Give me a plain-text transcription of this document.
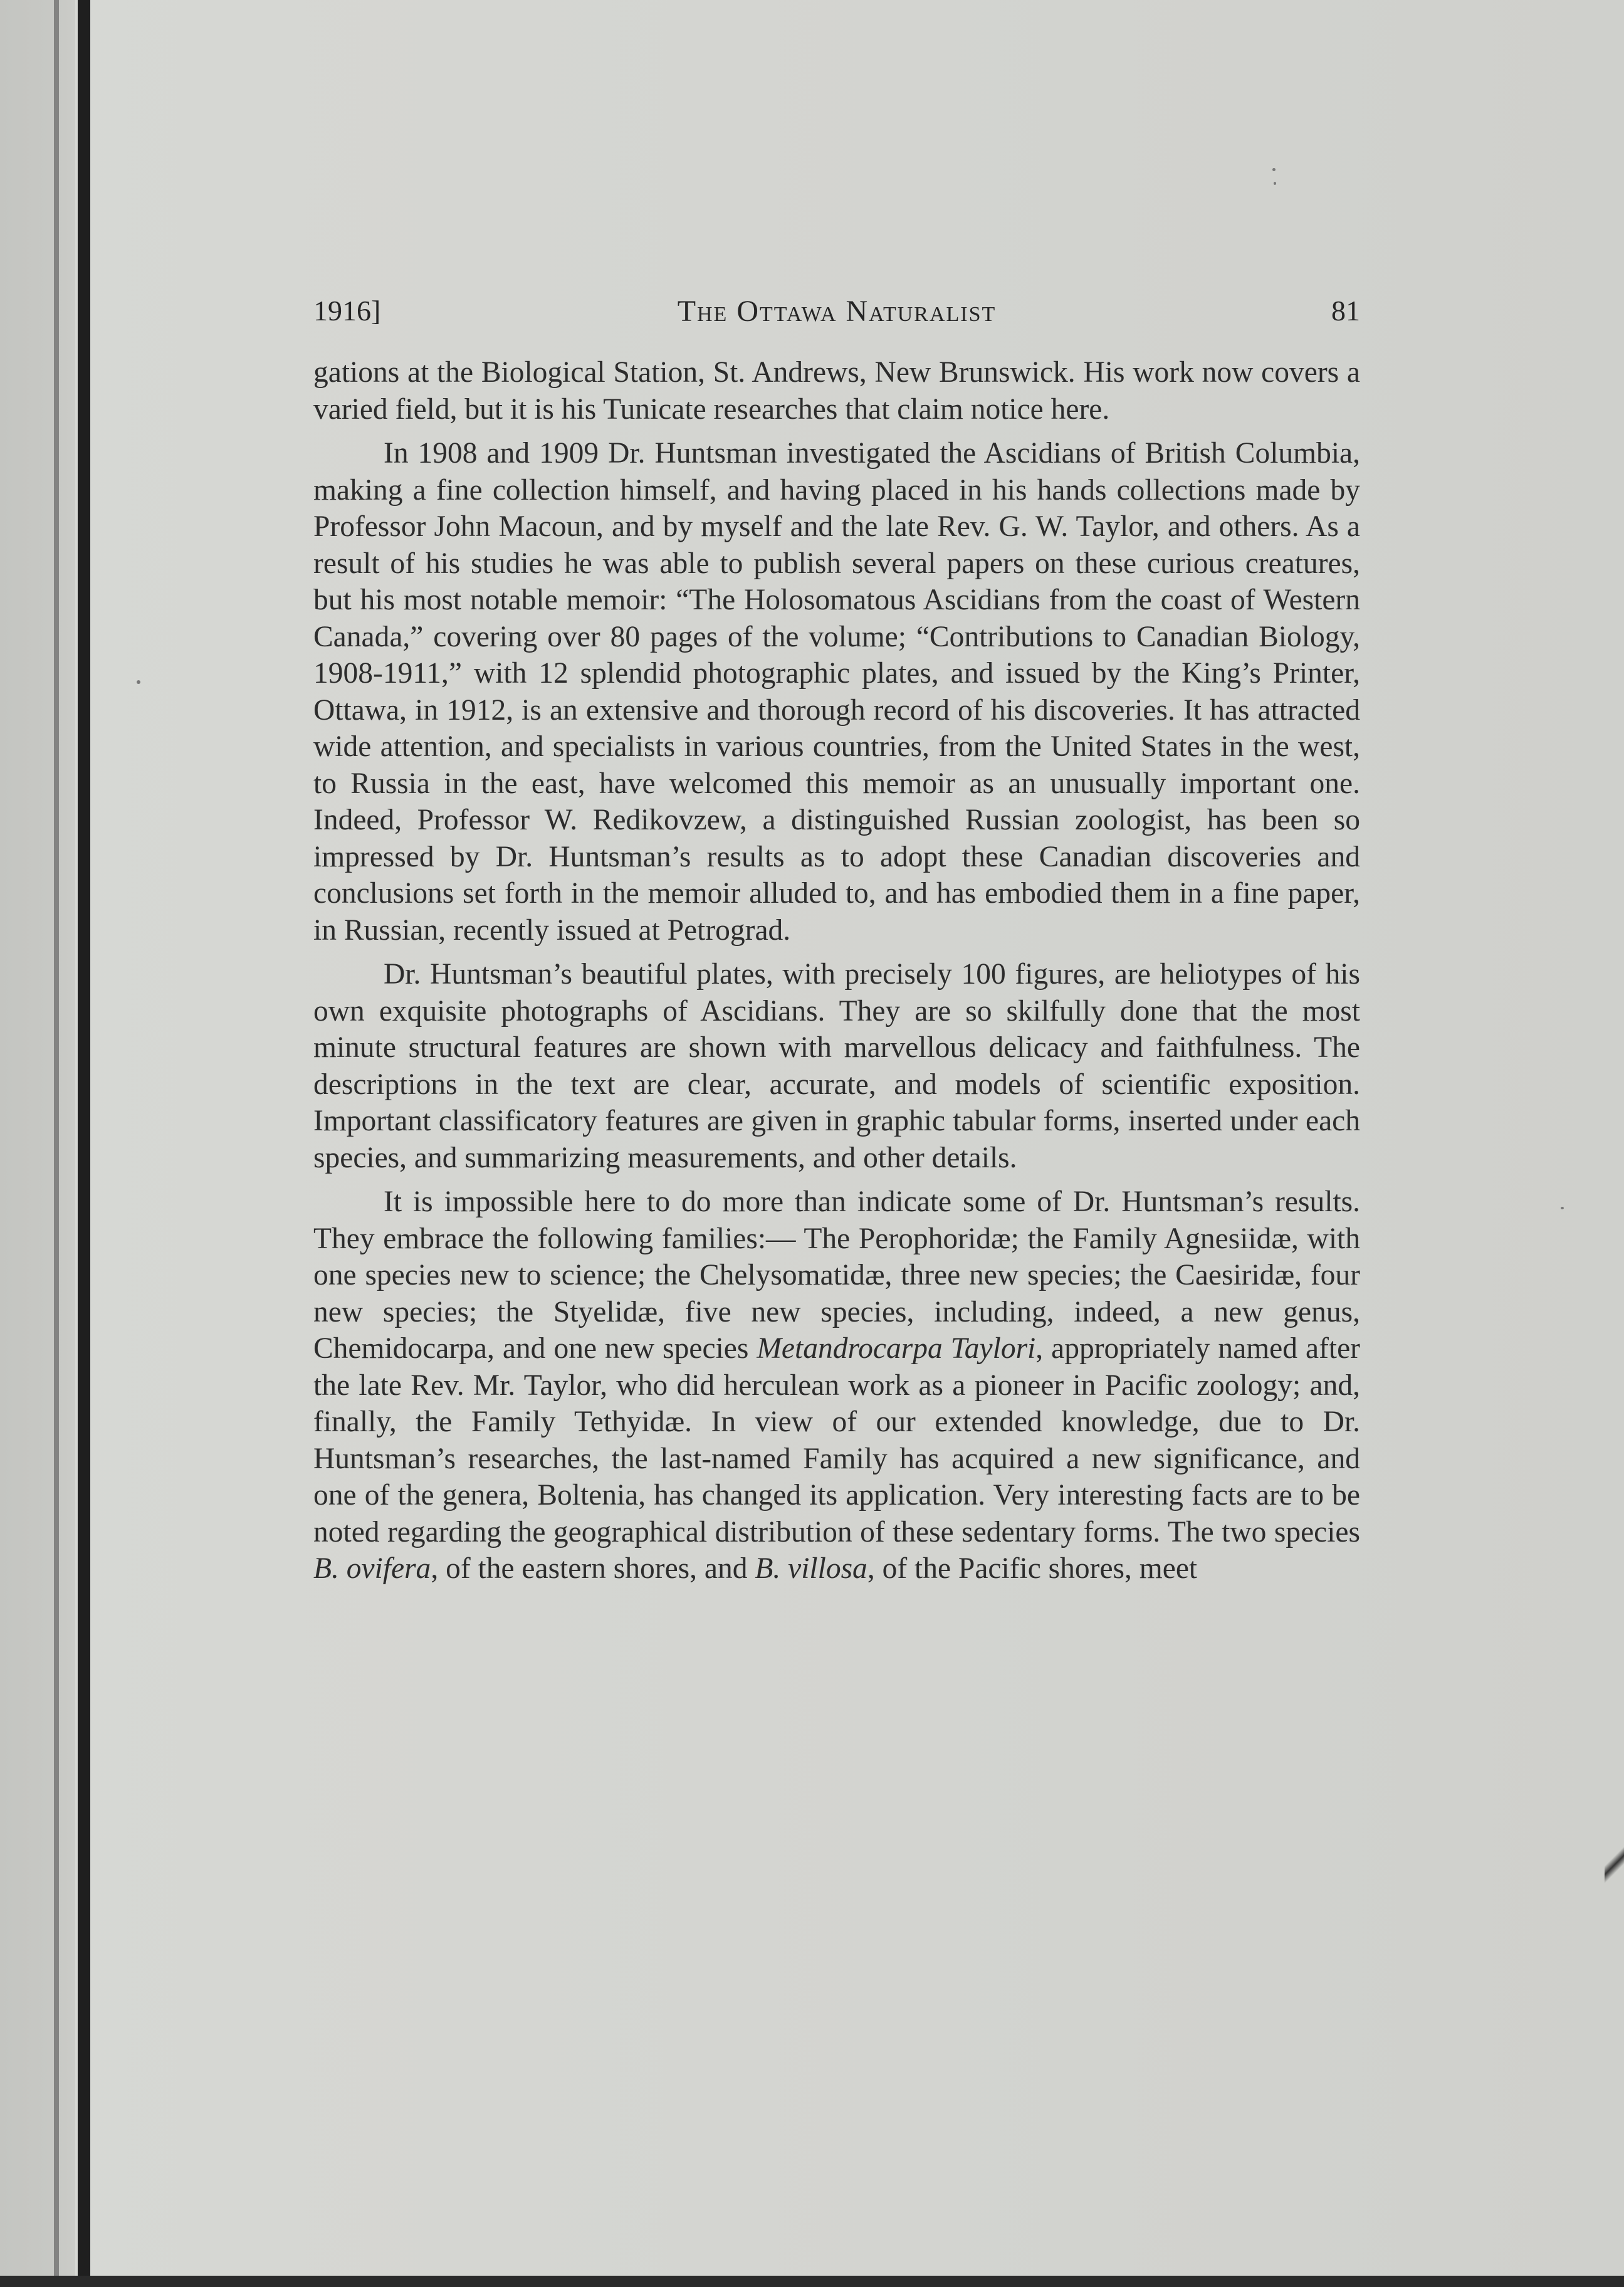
1916]	The Ottawa Naturalist	81

gations at the Biological Station, St. Andrews, New Brunswick. His work now covers a varied field, but it is his Tunicate researches that claim notice here.

In 1908 and 1909 Dr. Huntsman investigated the Ascidians of British Columbia, making a fine collection himself, and having placed in his hands collections made by Professor John Macoun, and by myself and the late Rev. G. W. Taylor, and others. As a result of his studies he was able to publish several papers on these curious creatures, but his most notable memoir: “The Holosomatous Ascidians from the coast of Western Canada,” covering over 80 pages of the volume; “Contributions to Canadian Biology, 1908-1911,” with 12 splendid photographic plates, and issued by the King’s Printer, Ottawa, in 1912, is an extensive and thorough record of his discoveries. It has attracted wide attention, and specialists in various countries, from the United States in the west, to Russia in the east, have welcomed this memoir as an unusually important one. Indeed, Professor W. Redikovzew, a distinguished Russian zoologist, has been so impressed by Dr. Huntsman’s results as to adopt these Canadian discoveries and conclusions set forth in the memoir alluded to, and has embodied them in a fine paper, in Russian, recently issued at Petrograd.

Dr. Huntsman’s beautiful plates, with precisely 100 figures, are heliotypes of his own exquisite photographs of Ascidians. They are so skilfully done that the most minute structural features are shown with marvellous delicacy and faithfulness. The descriptions in the text are clear, accurate, and models of scientific exposition. Important classificatory features are given in graphic tabular forms, inserted under each species, and summarizing measurements, and other details.

It is impossible here to do more than indicate some of Dr. Huntsman’s results. They embrace the following families:— The Perophoridæ; the Family Agnesiidæ, with one species new to science; the Chelysomatidæ, three new species; the Caesiridæ, four new species; the Styelidæ, five new species, including, indeed, a new genus, Chemidocarpa, and one new species Metandrocarpa Taylori, appropriately named after the late Rev. Mr. Taylor, who did herculean work as a pioneer in Pacific zoology; and, finally, the Family Tethyidæ. In view of our extended knowledge, due to Dr. Huntsman’s researches, the last-named Family has acquired a new significance, and one of the genera, Boltenia, has changed its application. Very interesting facts are to be noted regarding the geographical distribution of these sedentary forms. The two species B. ovifera, of the eastern shores, and B. villosa, of the Pacific shores, meet
